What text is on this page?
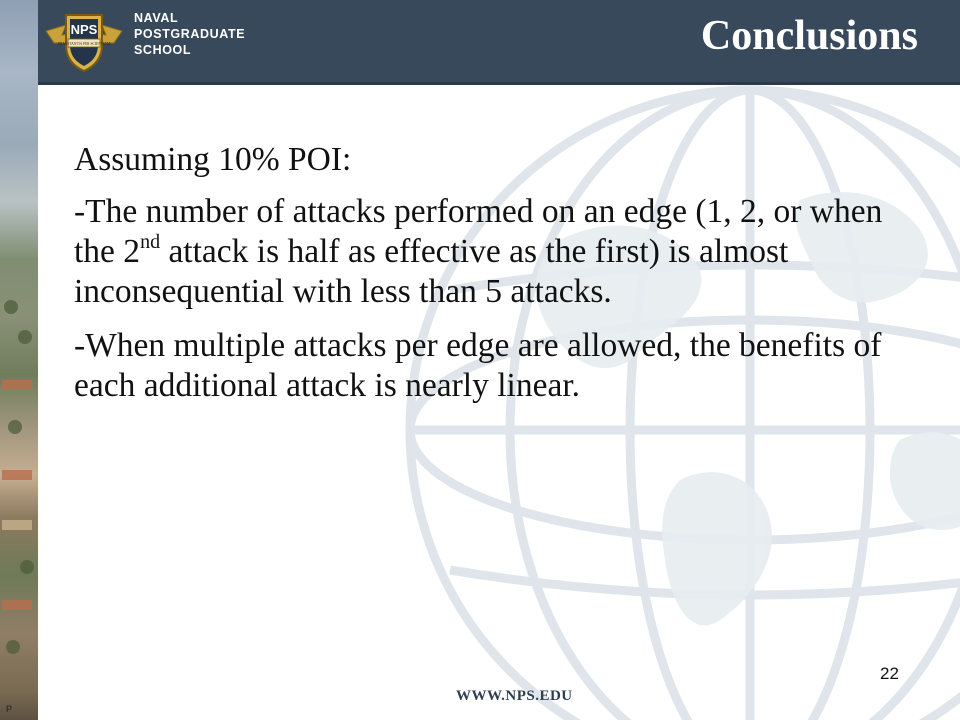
P
Conclusions
NPS
PRAESTANTIA PER SCIENTIAM
NAVAL
POSTGRADUATE
SCHOOL

Assuming 10% POI:

-The number of attacks performed on an edge (1, 2, or when the 2nd attack is half as effective as the first) is almost inconsequential with less than 5 attacks.

-When multiple attacks per edge are allowed, the benefits of each additional attack is nearly linear.

22
WWW.NPS.EDU
